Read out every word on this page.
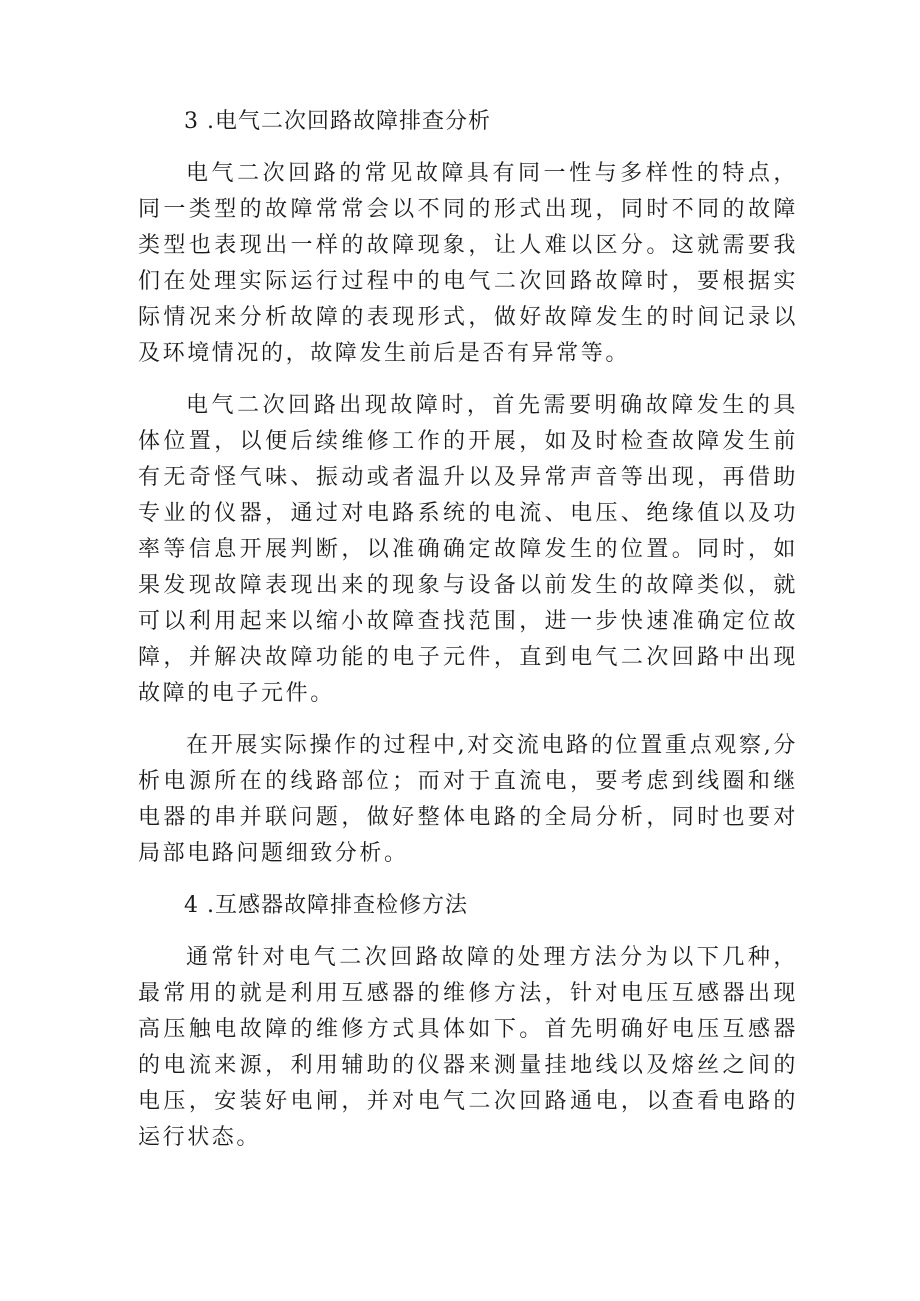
3 .电气二次回路故障排查分析

电气二次回路的常见故障具有同一性与多样性的特点，同一类型的故障常常会以不同的形式出现，同时不同的故障类型也表现出一样的故障现象，让人难以区分。这就需要我们在处理实际运行过程中的电气二次回路故障时，要根据实际情况来分析故障的表现形式，做好故障发生的时间记录以及环境情况的，故障发生前后是否有异常等。

电气二次回路出现故障时，首先需要明确故障发生的具体位置，以便后续维修工作的开展，如及时检查故障发生前有无奇怪气味、振动或者温升以及异常声音等出现，再借助专业的仪器，通过对电路系统的电流、电压、绝缘值以及功率等信息开展判断，以准确确定故障发生的位置。同时，如果发现故障表现出来的现象与设备以前发生的故障类似，就可以利用起来以缩小故障查找范围，进一步快速准确定位故障，并解决故障功能的电子元件，直到电气二次回路中出现故障的电子元件。

在开展实际操作的过程中,对交流电路的位置重点观察,分析电源所在的线路部位；而对于直流电，要考虑到线圈和继电器的串并联问题，做好整体电路的全局分析，同时也要对局部电路问题细致分析。

4 .互感器故障排查检修方法

通常针对电气二次回路故障的处理方法分为以下几种，最常用的就是利用互感器的维修方法，针对电压互感器出现高压触电故障的维修方式具体如下。首先明确好电压互感器的电流来源，利用辅助的仪器来测量挂地线以及熔丝之间的电压，安装好电闸，并对电气二次回路通电，以查看电路的运行状态。
